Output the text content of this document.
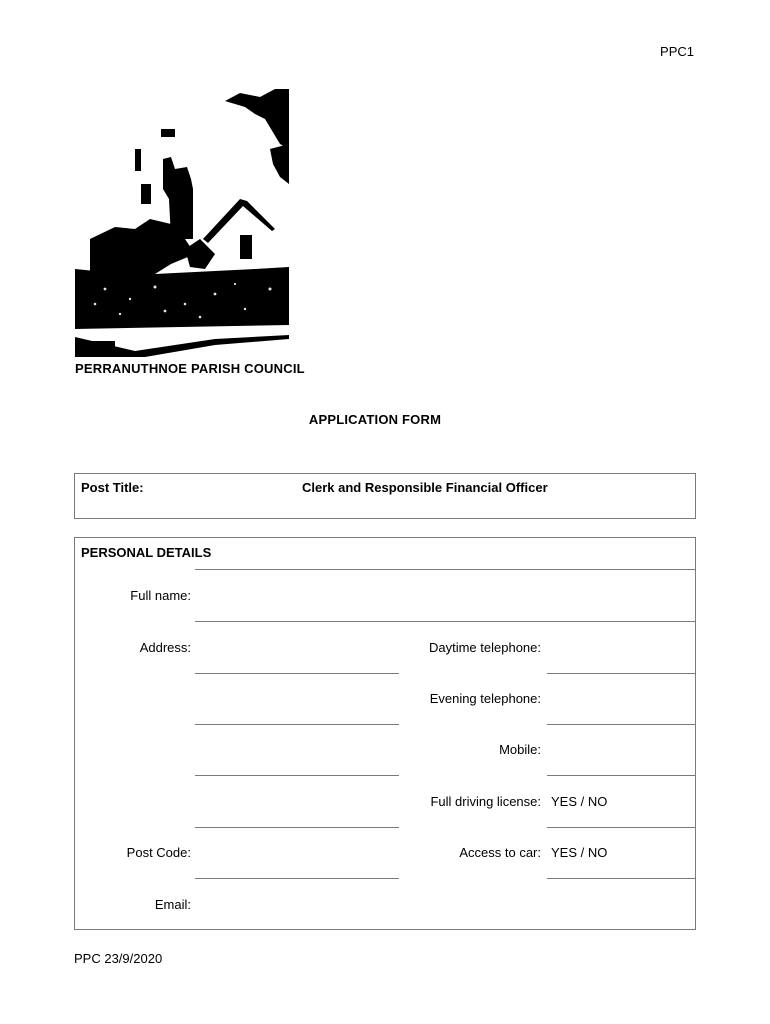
PPC1
PERRANUTHNOE PARISH COUNCIL
APPLICATION FORM
Post Title:	Clerk and Responsible Financial Officer
PERSONAL DETAILS
Full name:
Address:
Post Code:
Email:
Daytime telephone:
Evening telephone:
Mobile:
Full driving license:
Access to car:
YES / NO
YES / NO
PPC 23/9/2020
